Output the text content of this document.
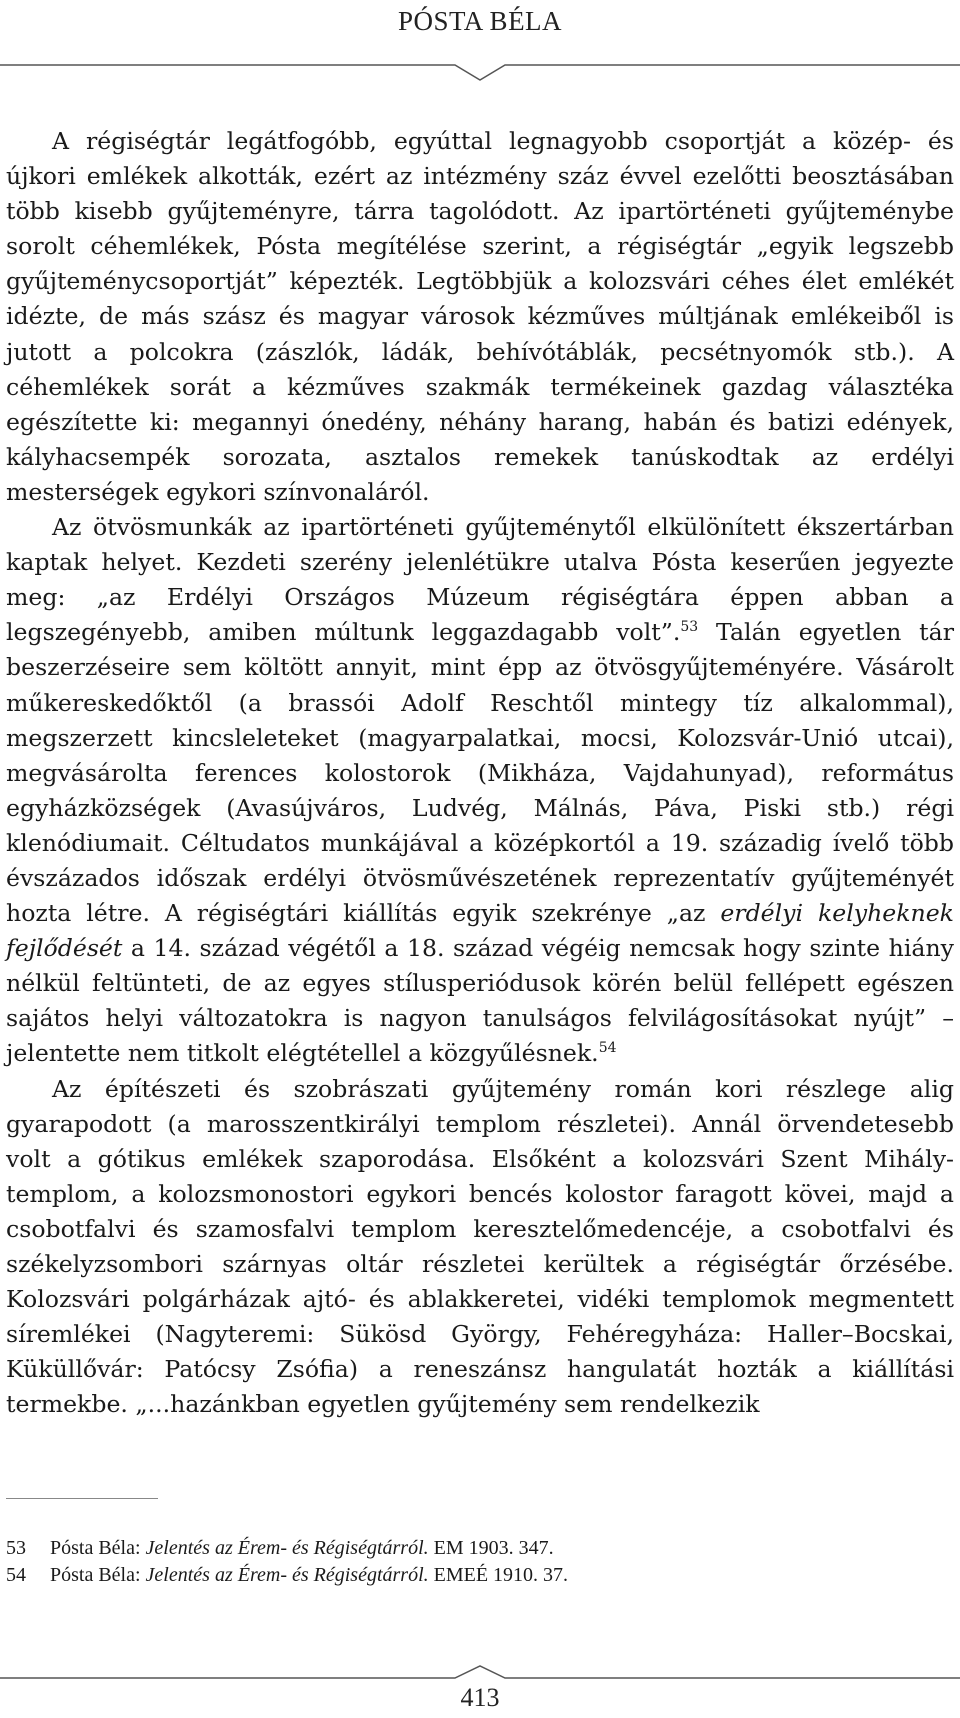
PÓSTA BÉLA

A régiségtár legátfogóbb, egyúttal legnagyobb csoportját a közép- és újkori emlékek alkották, ezért az intézmény száz évvel ezelőtti beosztásában több kisebb gyűjteményre, tárra tagolódott. Az ipartörténeti gyűjteménybe sorolt céhemlékek, Pósta megítélése szerint, a régiségtár „egyik legszebb gyűjteménycsoportját” képezték. Legtöbbjük a kolozsvári céhes élet emlékét idézte, de más szász és magyar városok kézműves múltjának emlékeiből is jutott a polcokra (zászlók, ládák, behívótáblák, pecsétnyomók stb.). A céhemlékek sorát a kézműves szakmák termékeinek gazdag választéka egészítette ki: megannyi ónedény, néhány harang, habán és batizi edények, kályhacsempék sorozata, asztalos remekek tanúskodtak az erdélyi mesterségek egykori színvonaláról.

Az ötvösmunkák az ipartörténeti gyűjteménytől elkülönített ékszertárban kaptak helyet. Kezdeti szerény jelenlétükre utalva Pósta keserűen jegyezte meg: „az Erdélyi Országos Múzeum régiségtára éppen abban a legszegényebb, amiben múltunk leggazdagabb volt”.$^{53}$ Talán egyetlen tár beszerzéseire sem költött annyit, mint épp az ötvösgyűjteményére. Vásárolt műkereskedőktől (a brassói Adolf Reschtől mintegy tíz alkalommal), megszerzett kincsleleteket (magyarpalatkai, mocsi, Kolozsvár-Unió utcai), megvásárolta ferences kolostorok (Mikháza, Vajdahunyad), református egyházközségek (Avasújváros, Ludvég, Málnás, Páva, Piski stb.) régi klenódiumait. Céltudatos munkájával a középkortól a 19. századig ívelő több évszázados időszak erdélyi ötvösművészetének reprezentatív gyűjteményét hozta létre. A régiségtári kiállítás egyik szekrénye „az erdélyi kelyheknek fejlődését a 14. század végétől a 18. század végéig nemcsak hogy szinte hiány nélkül feltünteti, de az egyes stílusperiódusok körén belül fellépett egészen sajátos helyi változatokra is nagyon tanulságos felvilágosításokat nyújt” – jelentette nem titkolt elégtétellel a közgyűlésnek.$^{54}$

Az építészeti és szobrászati gyűjtemény román kori részlege alig gyarapodott (a marosszentkirályi templom részletei). Annál örvendetesebb volt a gótikus emlékek szaporodása. Elsőként a kolozsvári Szent Mihály-templom, a kolozsmonostori egykori bencés kolostor faragott kövei, majd a csobotfalvi és szamosfalvi templom keresztelőmedencéje, a csobotfalvi és székelyzsombori szárnyas oltár részletei kerültek a régiségtár őrzésébe. Kolozsvári polgárházak ajtó- és ablakkeretei, vidéki templomok megmentett síremlékei (Nagyteremi: Sükösd György, Fehéregyháza: Haller–Bocskai, Küküllővár: Patócsy Zsófia) a reneszánsz hangulatát hozták a kiállítási termekbe. „...hazánkban egyetlen gyűjtemény sem rendelkezik

53	Pósta Béla: Jelentés az Érem- és Régiségtárról. EM 1903. 347.
54	Pósta Béla: Jelentés az Érem- és Régiségtárról. EMEÉ 1910. 37.
413
